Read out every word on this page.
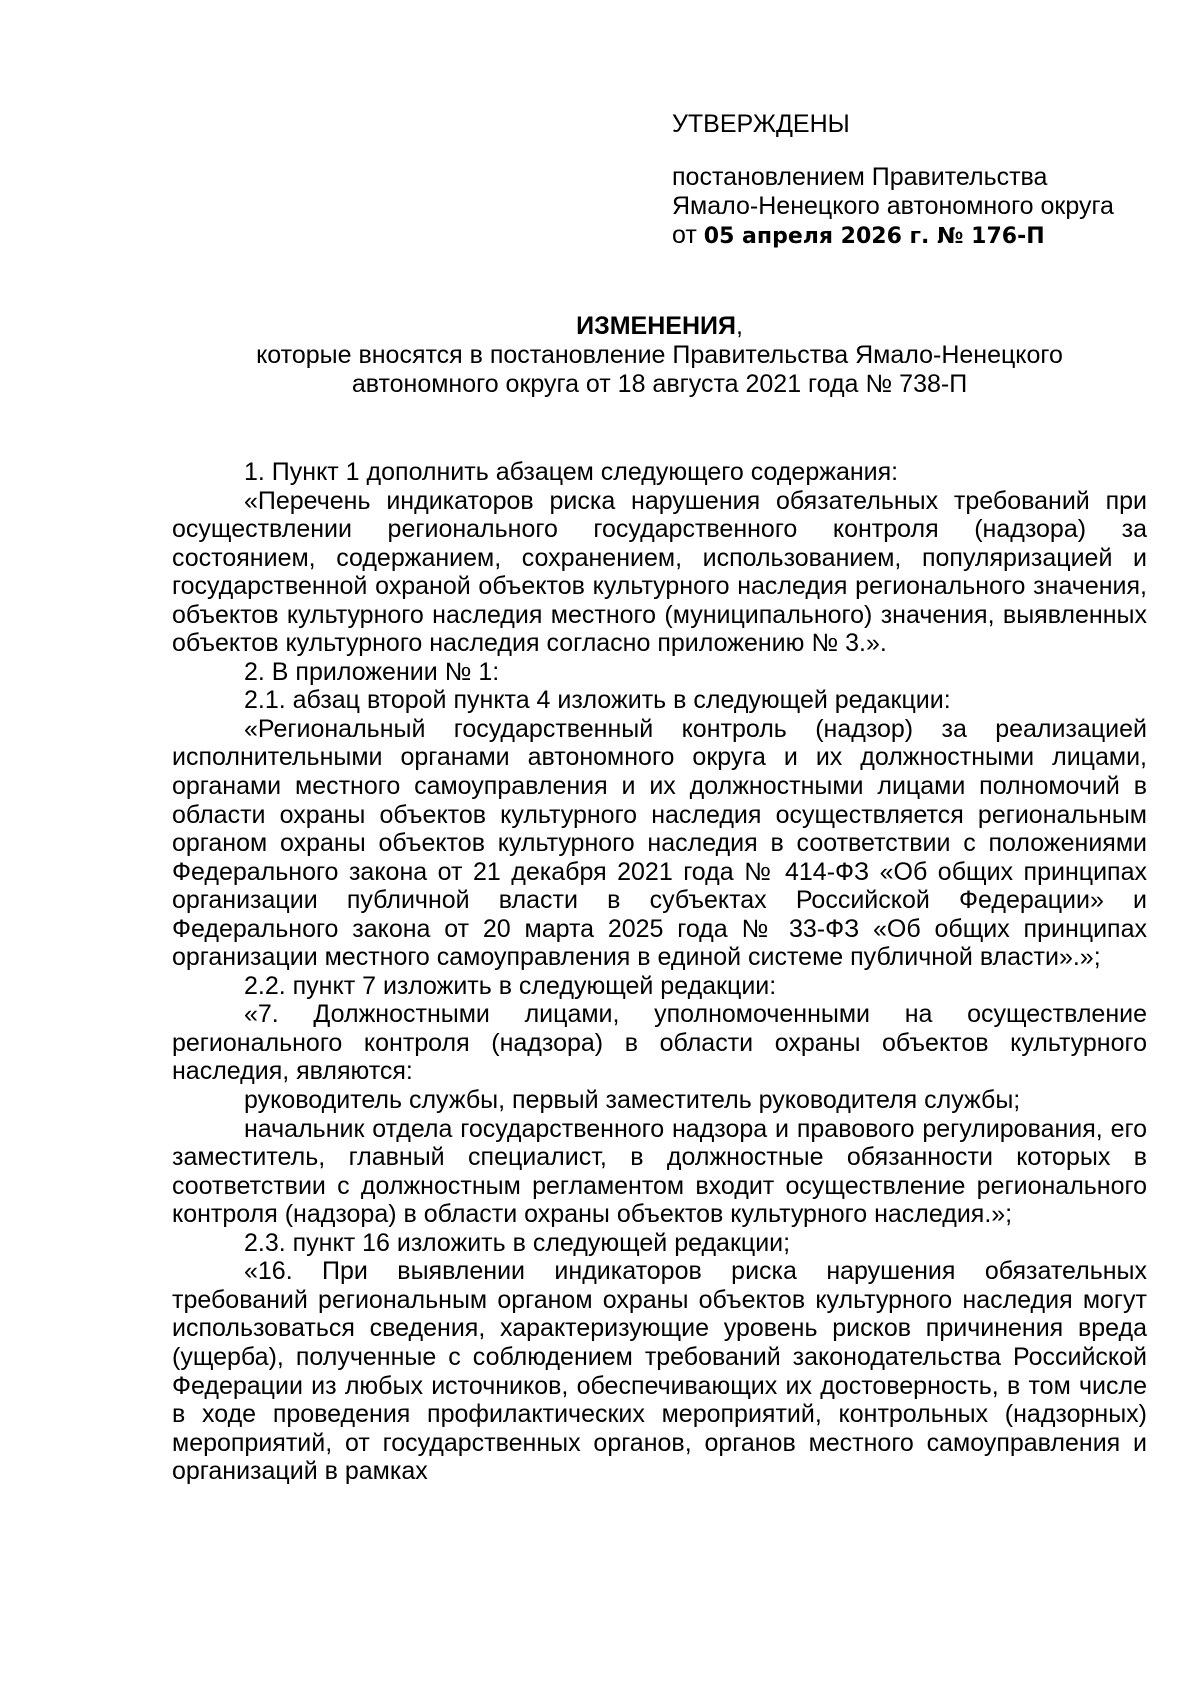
УТВЕРЖДЕНЫ
постановлением Правительства
Ямало-Ненецкого автономного округа
от 05 апреля 2026 г. № 176-П
ИЗМЕНЕНИЯ,
которые вносятся в постановление Правительства Ямало-Ненецкого
автономного округа от 18 августа 2021 года № 738-П

1. Пункт 1 дополнить абзацем следующего содержания:

«Перечень индикаторов риска нарушения обязательных требований при осуществлении регионального государственного контроля (надзора) за состоянием, содержанием, сохранением, использованием, популяризацией и государственной охраной объектов культурного наследия регионального значения, объектов культурного наследия местного (муниципального) значения, выявленных объектов культурного наследия согласно приложению № 3.».

2. В приложении № 1:

2.1. абзац второй пункта 4 изложить в следующей редакции:

«Региональный государственный контроль (надзор) за реализацией исполнительными органами автономного округа и их должностными лицами, органами местного самоуправления и их должностными лицами полномочий в области охраны объектов культурного наследия осуществляется региональным органом охраны объектов культурного наследия в соответствии с положениями Федерального закона от 21 декабря 2021 года № 414-ФЗ «Об общих принципах организации публичной власти в субъектах Российской Федерации» и Федерального закона от 20 марта 2025 года № 33-ФЗ «Об общих принципах организации местного самоуправления в единой системе публичной власти».»;

2.2. пункт 7 изложить в следующей редакции:

«7. Должностными лицами, уполномоченными на осуществление регионального контроля (надзора) в области охраны объектов культурного наследия, являются:

руководитель службы, первый заместитель руководителя службы;

начальник отдела государственного надзора и правового регулирования, его заместитель, главный специалист, в должностные обязанности которых в соответствии с должностным регламентом входит осуществление регионального контроля (надзора) в области охраны объектов культурного наследия.»;

2.3. пункт 16 изложить в следующей редакции;

«16. При выявлении индикаторов риска нарушения обязательных требований региональным органом охраны объектов культурного наследия могут использоваться сведения, характеризующие уровень рисков причинения вреда (ущерба), полученные с соблюдением требований законодательства Российской Федерации из любых источников, обеспечивающих их достоверность, в том числе в ходе проведения профилактических мероприятий, контрольных (надзорных) мероприятий, от государственных органов, органов местного самоуправления и организаций в рамках
